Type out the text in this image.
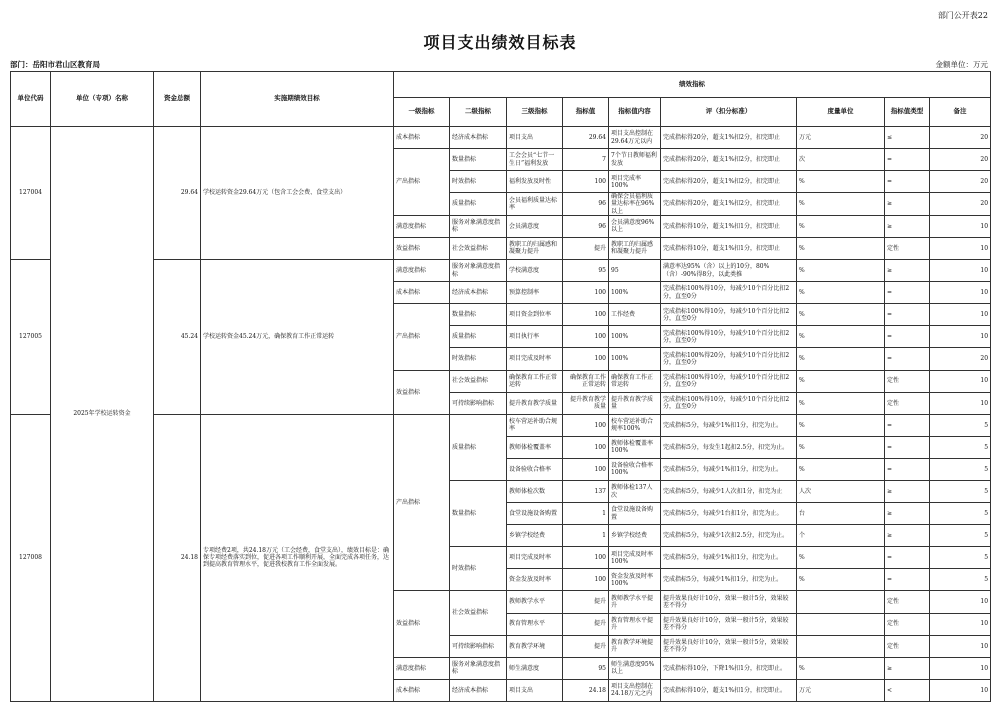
部门公开表22
项目支出绩效目标表
部门：岳阳市君山区教育局	金额单位：万元
单位代码	单位（专项）名称	资金总额	实施期绩效目标	绩效指标								
				一级指标	二级指标	三级指标	指标值	指标值内容	评（扣分标准）	度量单位	指标值类型	备注
127004	2025年学校运转资金	29.64	学校运转资金29.64万元（包含工会会费、食堂支出）	成本指标	经济成本指标	项目支出	29.64	项目支出控制在29.64万元以内	完成指标得20分，超支1%扣2分，扣完即止	万元	≤	20
				产出指标	数量指标	工会会员“七节一生日”福利发放	7	7个节日教师福利发放	完成指标得20分，超支1%扣2分，扣完即止	次	=	20
					时效指标	福利发放及时性	100	项目完成率100%	完成指标得20分，超支1%扣2分，扣完即止	%	=	20
					质量指标	会员福利质量达标率	96	确保会员福利质量达标率在96%以上	完成指标得20分，超支1%扣2分，扣完即止	%	≥	20
				满意度指标	服务对象满意度指标	会员满意度	96	会员满意度96%以上	完成指标得10分，超支1%扣1分，扣完即止	%	≥	10
				效益指标	社会效益指标	教职工的归属感和凝聚力提升	提升	教职工的归属感和凝聚力提升	完成指标得10分，超支1%扣1分，扣完即止	%	定性	10
127005		45.24	学校运转资金45.24万元，确保教育工作正常运转	满意度指标	服务对象满意度指标	学校满意度	95	95	满意率达95%（含）以上的10分，80%（含）-90%得8分，以此类推	%	≥	10
				成本指标	经济成本指标	预算控制率	100	100%	完成指标100%得10分，每减少10个百分比扣2分，直至0分	%	=	10
				产出指标	数量指标	项目资金到位率	100	工作经费	完成指标100%得10分，每减少10个百分比扣2分，直至0分	%	=	10
					质量指标	项目执行率	100	100%	完成指标100%得10分，每减少10个百分比扣2分，直至0分	%	=	10
					时效指标	项目完成及时率	100	100%	完成指标100%得20分，每减少10个百分比扣2分，直至0分	%	=	20
				效益指标	社会效益指标	确保教育工作正常运转	确保教育工作正常运转	确保教育工作正常运转	完成指标100%得10分，每减少10个百分比扣2分，直至0分	%	定性	10
					可持续影响指标	提升教育教学质量	提升教育教学质量	提升教育教学质量	完成指标100%得10分，每减少10个百分比扣2分，直至0分	%	定性	10
127008		24.18	专项经费2项，共24.18万元（工会经费，食堂支出），绩效目标是：确保专项经费落实到位，促进各项工作顺利开展，全面完成各项任务，达到提高教育管理水平，促进我校教育工作全面发展。	产出指标	质量指标	校车营运补助合规率	100	校车营运补助合规率100%	完成指标5分，每减少1%扣1分，扣完为止。	%	=	5
						教师体检覆盖率	100	教师体检覆盖率100%	完成指标5分，每发生1起扣2.5分，扣完为止。	%	=	5
						设备验收合格率	100	设备验收合格率100%	完成指标5分，每减少1%扣1分，扣完为止。	%	=	5
					数量指标	教师体检次数	137	教师体检137人次	完成指标5分，每减少1人次扣1分，扣完为止	人次	≥	5
						食堂设施设备购置	1	食堂设施设备购置	完成指标5分，每减少1台扣1分，扣完为止。	台	≥	5
						乡镇学校经费	1	乡镇学校经费	完成指标5分，每减少1次扣2.5分，扣完为止。	个	≥	5
					时效指标	项目完成及时率	100	项目完成及时率100%	完成指标5分，每减少1%扣1分，扣完为止。	%	=	5
						资金发放及时率	100	资金发放及时率100%	完成指标5分，每减少1%扣1分，扣完为止。	%	=	5
				效益指标	社会效益指标	教师教学水平	提升	教师教学水平提升	提升效果良好计10分，效果一般计5分，效果较差不得分		定性	10
						教育管理水平	提升	教育管理水平提升	提升效果良好计10分，效果一般计5分，效果较差不得分		定性	10
					可持续影响指标	教育教学环境	提升	教育教学环境提升	提升效果良好计10分，效果一般计5分，效果较差不得分		定性	10
				满意度指标	服务对象满意度指标	师生满意度	95	师生满意度95%以上	完成指标得10分，下降1%扣1分，扣完即止。	%	≥	10
				成本指标	经济成本指标	项目支出	24.18	项目支出控制在24.18万元之内	完成指标得10分，超支1%扣1分，扣完即止。	万元	<	10
